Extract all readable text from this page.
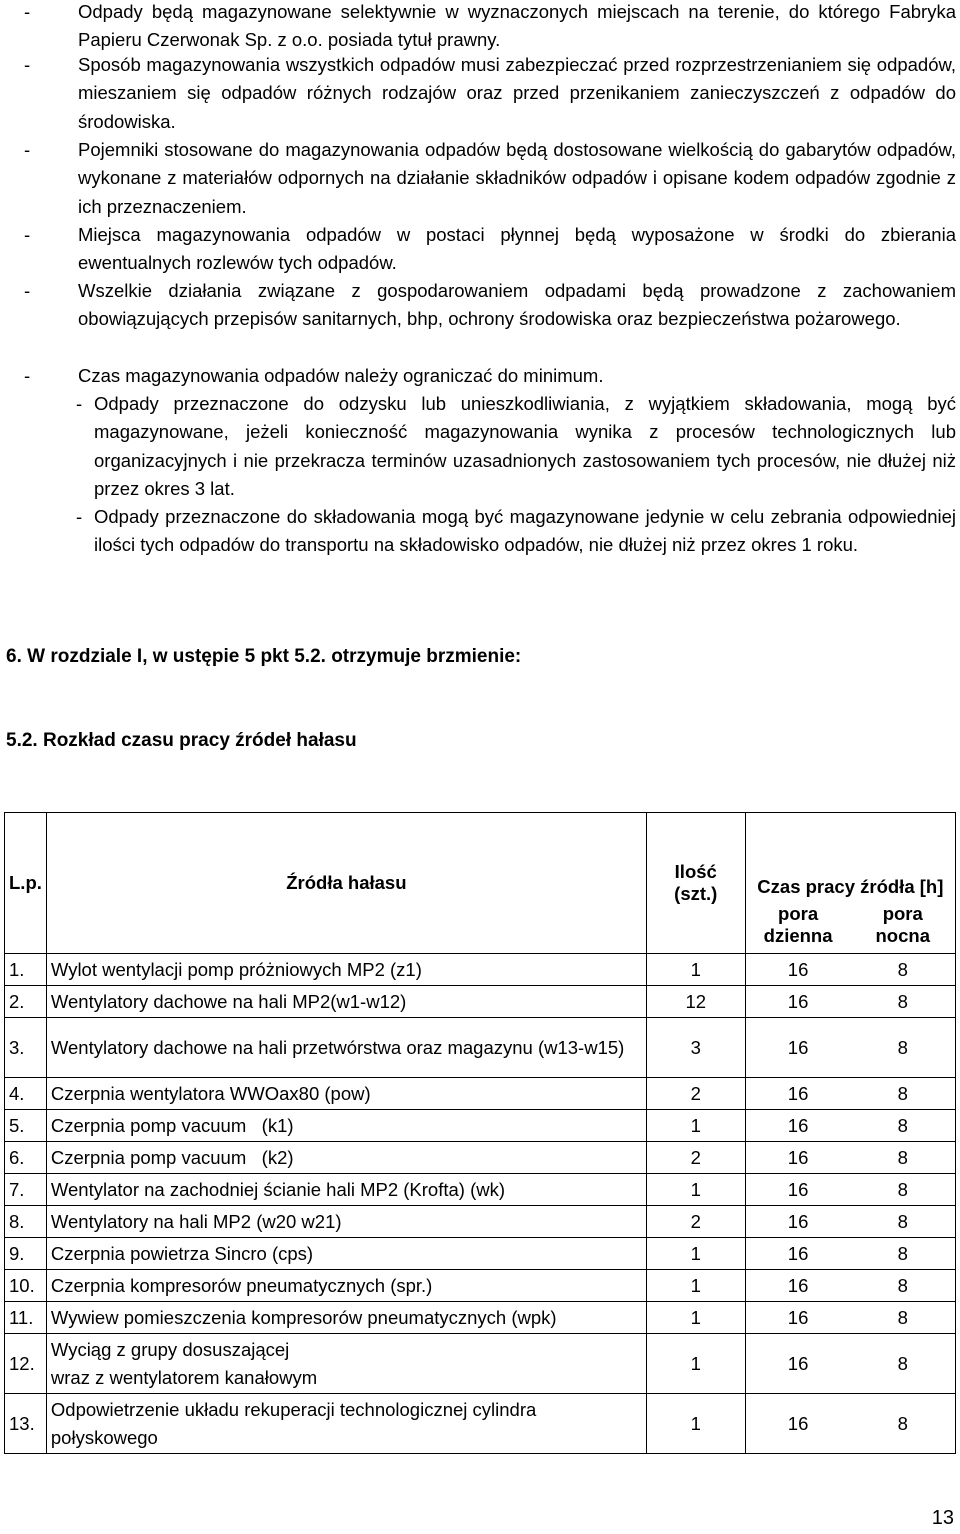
-	Odpady będą magazynowane selektywnie w wyznaczonych miejscach na terenie, do którego Fabryka Papieru Czerwonak Sp. z o.o. posiada tytuł prawny.
-	Sposób magazynowania wszystkich odpadów musi zabezpieczać przed rozprzestrzenianiem się odpadów, mieszaniem się odpadów różnych rodzajów oraz przed przenikaniem zanieczyszczeń z odpadów do środowiska.
-	Pojemniki stosowane do magazynowania odpadów będą dostosowane wielkością do gabarytów odpadów, wykonane z materiałów odpornych na działanie składników odpadów i opisane kodem odpadów zgodnie z ich przeznaczeniem.
-	Miejsca magazynowania odpadów w postaci płynnej będą wyposażone w środki do zbierania ewentualnych rozlewów tych odpadów.
-	Wszelkie działania związane z gospodarowaniem odpadami będą prowadzone z zachowaniem obowiązujących przepisów sanitarnych, bhp, ochrony środowiska oraz bezpieczeństwa pożarowego.
-	Czas magazynowania odpadów należy ograniczać do minimum.
- Odpady przeznaczone do odzysku lub unieszkodliwiania, z wyjątkiem składowania, mogą być magazynowane, jeżeli konieczność magazynowania wynika z procesów technologicznych lub organizacyjnych i nie przekracza terminów uzasadnionych zastosowaniem tych procesów, nie dłużej niż przez okres 3 lat.
- Odpady przeznaczone do składowania mogą być magazynowane jedynie w celu zebrania odpowiedniej ilości tych odpadów do transportu na składowisko odpadów, nie dłużej niż przez okres 1 roku.
6. W rozdziale I, w ustępie 5 pkt 5.2. otrzymuje brzmienie:
5.2. Rozkład czasu pracy źródeł hałasu
L.p.	Źródła hałasu	Ilość (szt.)	Czas pracy źródła [h]	
			pora dzienna	pora nocna
1.	Wylot wentylacji pomp próżniowych MP2 (z1)	1	16	8
2.	Wentylatory dachowe na hali MP2(w1-w12)	12	16	8
3.	Wentylatory dachowe na hali przetwórstwa oraz magazynu (w13-w15)	3	16	8
4.	Czerpnia wentylatora WWOax80 (pow)	2	16	8
5.	Czerpnia pomp vacuum   (k1)	1	16	8
6.	Czerpnia pomp vacuum   (k2)	2	16	8
7.	Wentylator na zachodniej ścianie hali MP2 (Krofta) (wk)	1	16	8
8.	Wentylatory na hali MP2 (w20 w21)	2	16	8
9.	Czerpnia powietrza Sincro (cps)	1	16	8
10.	Czerpnia kompresorów pneumatycznych (spr.)	1	16	8
11.	Wywiew pomieszczenia kompresorów pneumatycznych (wpk)	1	16	8
12.	Wyciąg z grupy dosuszającej wraz z wentylatorem kanałowym	1	16	8
13.	Odpowietrzenie układu rekuperacji technologicznej cylindra połyskowego	1	16	8
13
